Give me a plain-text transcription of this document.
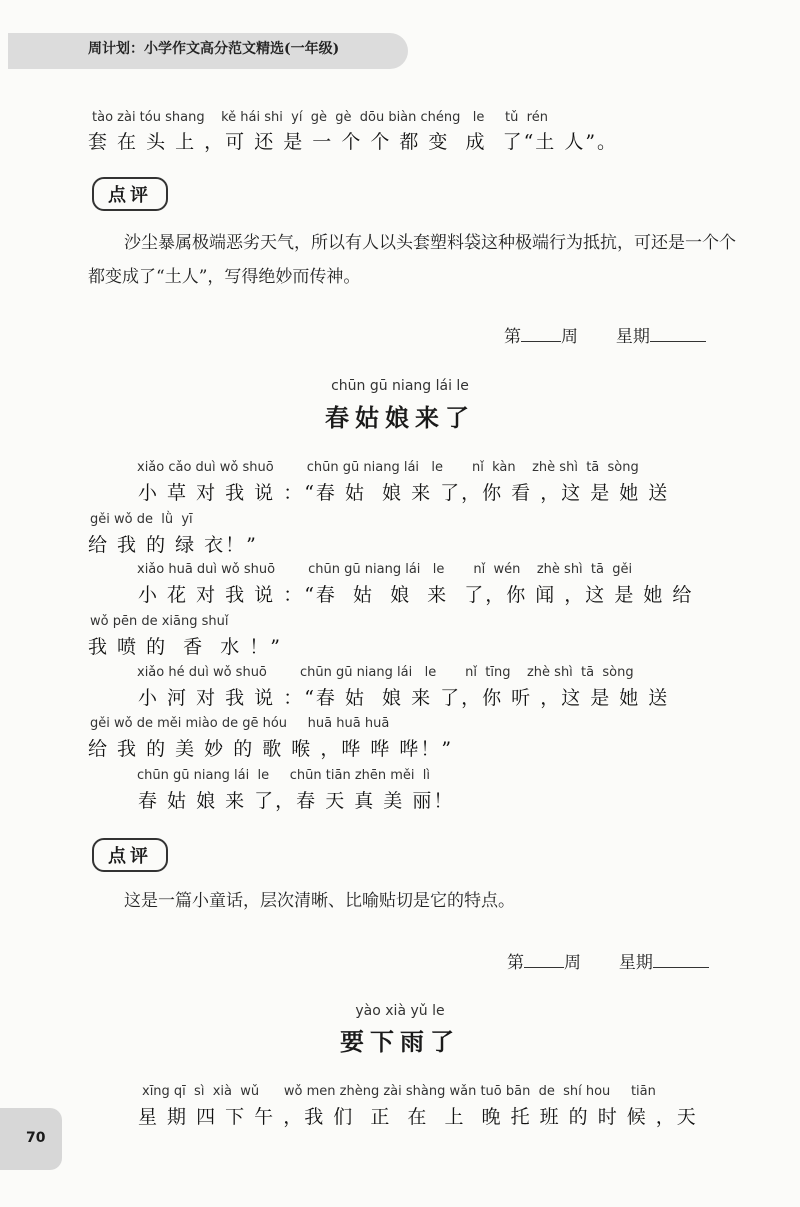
周计划：小学作文高分范文精选(一年级)
tào zài tóu shang    kě hái shi  yí  gè  gè  dōu biàn chéng   le     tǔ  rén
套 在 头 上 ，可 还 是 一 个 个 都 变  成  了“土 人”。
点评
沙尘暴属极端恶劣天气，所以有人以头套塑料袋这种极端行为抵抗，可还是一个个都变成了“土人”，写得绝妙而传神。
第 周 星期
chūn gū niang lái le
春姑娘来了
xiǎo cǎo duì wǒ shuō        chūn gū niang lái   le       nǐ  kàn    zhè shì  tā  sòng
小 草 对 我 说 ：“春 姑  娘 来 了，你 看 ，这 是 她 送
gěi wǒ de  lǜ  yī
给 我 的 绿 衣！”
xiǎo huā duì wǒ shuō        chūn gū niang lái   le       nǐ  wén    zhè shì  tā  gěi
小 花 对 我 说 ：“春  姑  娘  来  了，你 闻 ，这 是 她 给
wǒ pēn de xiāng shuǐ
我 喷 的  香  水 ！”
xiǎo hé duì wǒ shuō        chūn gū niang lái   le       nǐ  tīng    zhè shì  tā  sòng
小 河 对 我 说 ：“春 姑  娘 来 了，你 听 ，这 是 她 送
gěi wǒ de měi miào de gē hóu     huā huā huā
给 我 的 美 妙 的 歌 喉 ，哗 哗 哗！”
chūn gū niang lái  le     chūn tiān zhēn měi  lì
春 姑 娘 来 了，春 天 真 美 丽！
点评
这是一篇小童话，层次清晰、比喻贴切是它的特点。
第 周 星期
yào xià yǔ le
要下雨了
xīng qī  sì  xià  wǔ      wǒ men zhèng zài shàng wǎn tuō bān  de  shí hou     tiān
星 期 四 下 午 ，我 们  正  在  上  晚 托 班 的 时 候 ，天
70
